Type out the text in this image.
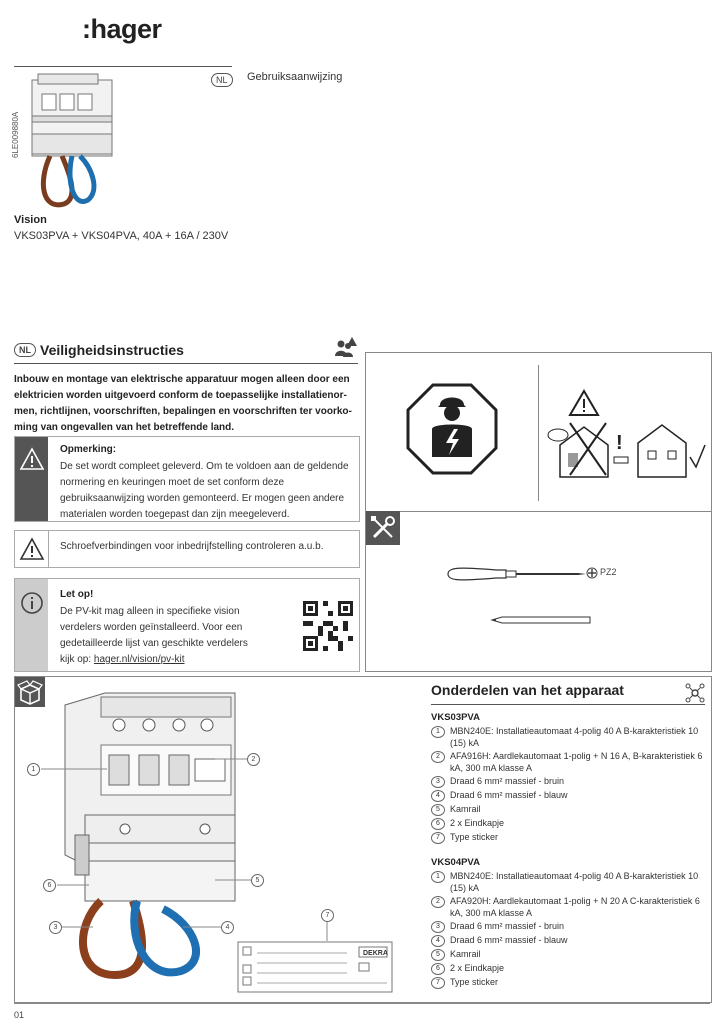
:hager
6LE009880A
NL	Gebruiksaanwijzing
Vision
VKS03PVA + VKS04PVA, 40A + 16A / 230V
NL Veiligheidsinstructies
Inbouw en montage van elektrische apparatuur mogen alleen door een elektricien worden uitgevoerd conform de toepasselijke installatienor-men, richtlijnen, voorschriften, bepalingen en voorschriften ter voorko-ming van ongevallen van het betreffende land.
Opmerking:
De set wordt compleet geleverd. Om te voldoen aan de geldende normering en keuringen moet de set conform deze gebruiksaanwijzing worden gemonteerd. Er mogen geen andere materialen worden toegepast dan zijn meegeleverd.
Schroefverbindingen voor inbedrijfstelling controleren a.u.b.
Let op!
De PV-kit mag alleen in specifieke vision verdelers worden geïnstalleerd. Voor een gedetailleerde lijst van geschikte verdelers kijk op: hager.nl/vision/pv-kit
!
PZ2
DEKRA
1
2
3	4
5
6
7
Onderdelen van het apparaat
VKS03PVA
1	MBN240E: Installatieautomaat 4-polig 40 A B-karakteristiek 10 (15) kA
2	AFA916H: Aardlekautomaat 1-polig + N 16 A, B-karakteristiek 6 kA, 300 mA klasse A
3	Draad 6 mm² massief - bruin
4	Draad 6 mm² massief - blauw
5	Kamrail
6	2 x Eindkapje
7	Type sticker
VKS04PVA
1	MBN240E: Installatieautomaat 4-polig 40 A B-karakteristiek 10 (15) kA
2	AFA920H: Aardlekautomaat 1-polig + N 20 A C-karakteristiek 6 kA, 300 mA klasse A
3	Draad 6 mm² massief - bruin
4	Draad 6 mm² massief - blauw
5	Kamrail
6	2 x Eindkapje
7	Type sticker
01
